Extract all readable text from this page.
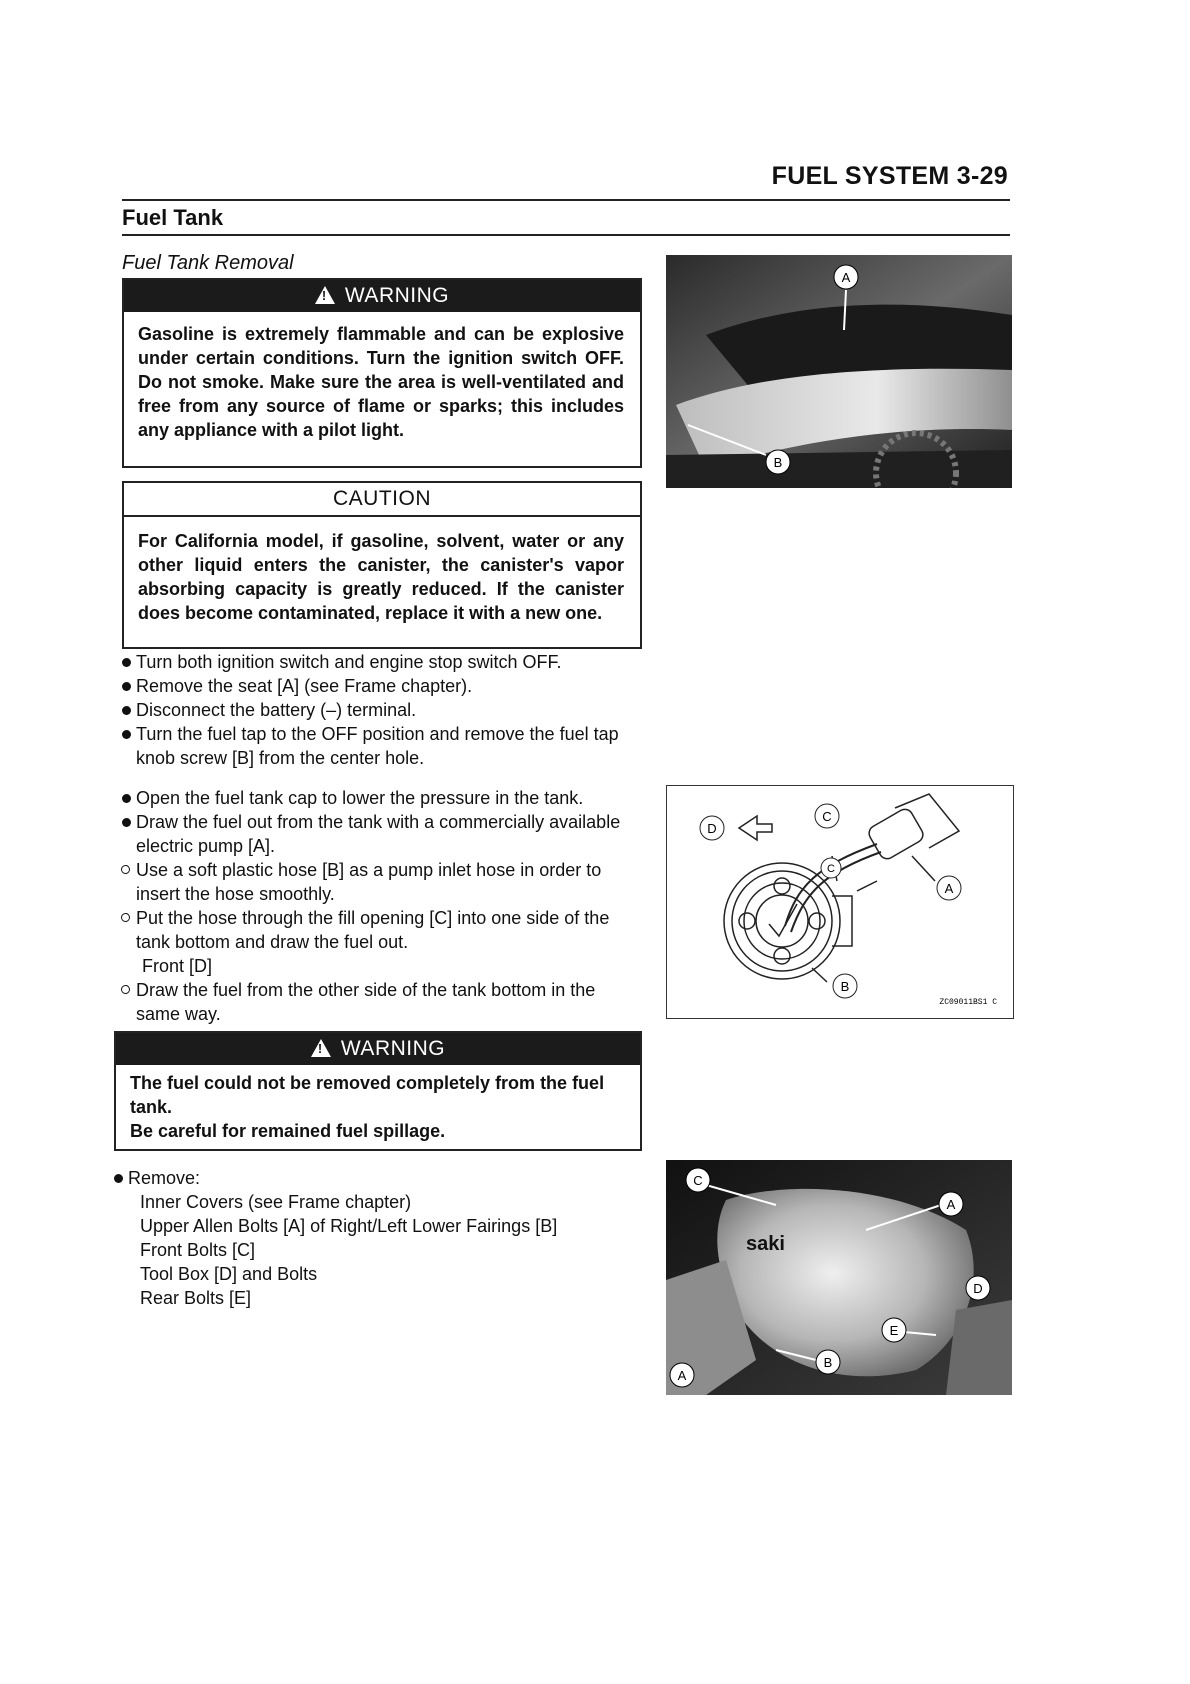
FUEL SYSTEM 3-29
Fuel Tank
Fuel Tank Removal
!WARNING
Gasoline is extremely flammable and can be explosive under certain conditions. Turn the ignition switch OFF. Do not smoke. Make sure the area is well-ventilated and free from any source of flame or sparks; this includes any appliance with a pilot light.
CAUTION
For California model, if gasoline, solvent, water or any other liquid enters the canister, the canister's vapor absorbing capacity is greatly reduced. If the canister does become contaminated, replace it with a new one.
Turn both ignition switch and engine stop switch OFF.
Remove the seat [A] (see Frame chapter).
Disconnect the battery (–) terminal.
Turn the fuel tap to the OFF position and remove the fuel tap knob screw [B] from the center hole.
Open the fuel tank cap to lower the pressure in the tank.
Draw the fuel out from the tank with a commercially available electric pump [A].
Use a soft plastic hose [B] as a pump inlet hose in order to insert the hose smoothly.
Put the hose through the fill opening [C] into one side of the tank bottom and draw the fuel out.
Front [D]
Draw the fuel from the other side of the tank bottom in the same way.
!WARNING
The fuel could not be removed completely from the fuel tank.
Be careful for remained fuel spillage.
Remove:
Inner Covers (see Frame chapter)
Upper Allen Bolts [A] of Right/Left Lower Fairings [B]
Front Bolts [C]
Tool Box [D] and Bolts
Rear Bolts [E]
A
B
D
C
C
A
B
ZC09011BS1 C
saki
C
A
D
E
B
A
